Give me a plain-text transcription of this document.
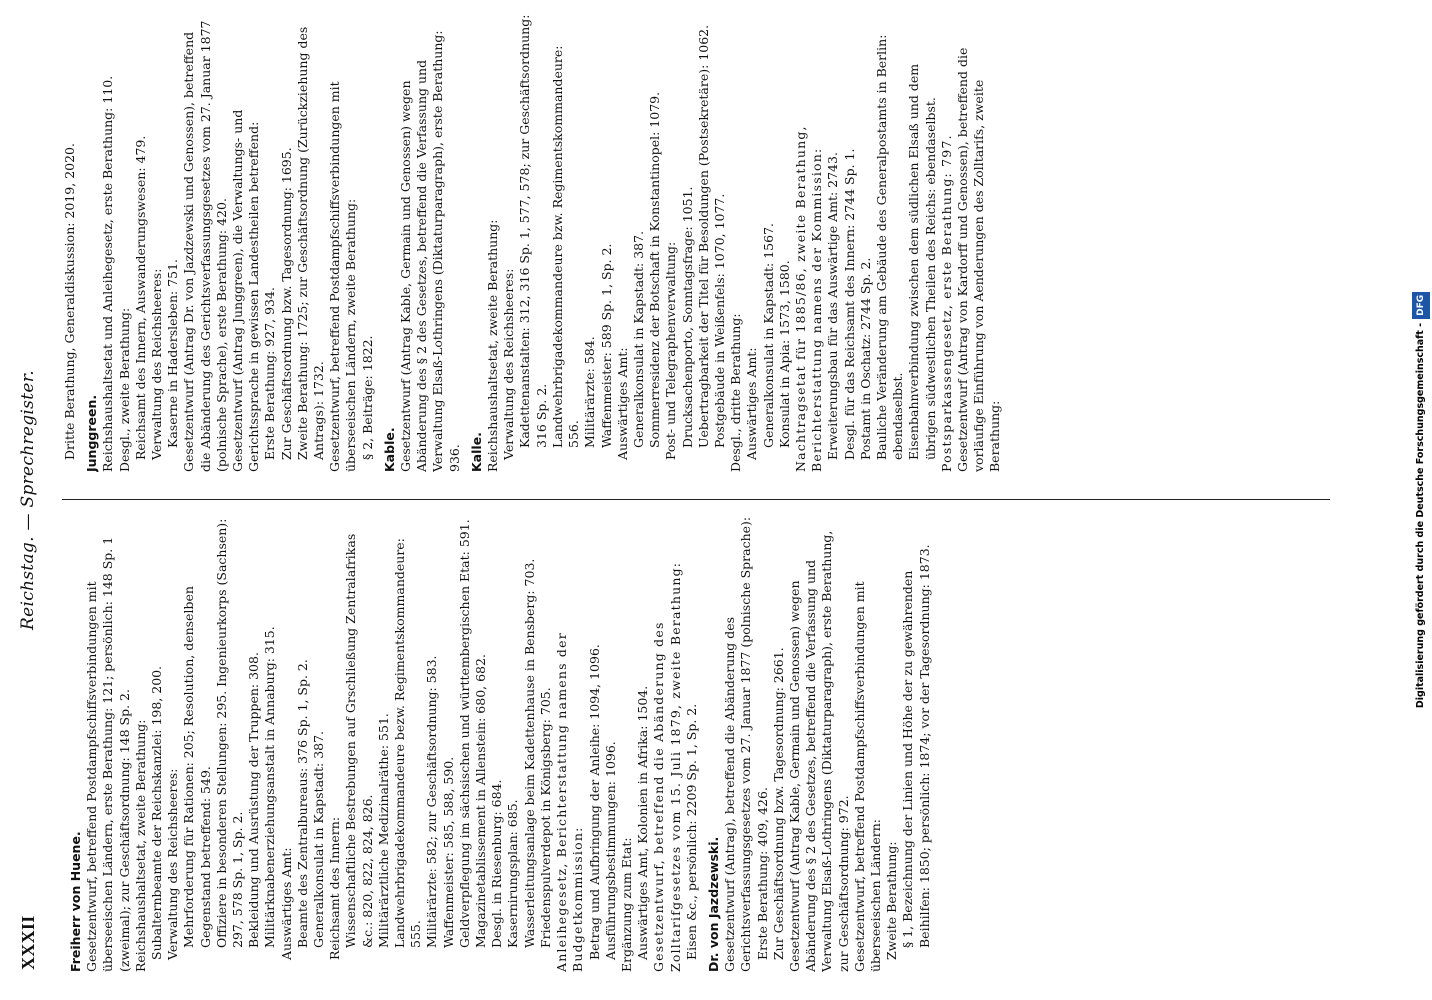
XXXII
Reichstag. — Sprechregister.

Freiherr von Huene. Gesetzentwurf, betreffend Postdampfschiffsverbindungen mit überseeischen Ländern, erste Berathung: 121; persönlich: 148 Sp. 1 (zweimal); zur Geschäftsordnung: 148 Sp. 2. Reichshaushaltsetat, zweite Berathung: Subalternbeamte der Reichskanzlei: 198, 200. Verwaltung des Reichsheeres: Mehrforderung für Rationen: 205; Resolution, denselben Gegenstand betreffend: 549. Offiziere in besonderen Stellungen: 295. Ingenieurkorps (Sachsen): 297, 578 Sp. 1, Sp. 2. Bekleidung und Ausrüstung der Truppen: 308. Militärknabenerziehungsanstalt in Annaburg: 315. Auswärtiges Amt: Beamte des Zentralbureaus: 376 Sp. 1, Sp. 2. Generalkonsulat in Kapstadt: 387. Reichsamt des Innern: Wissenschaftliche Bestrebungen auf Grschließung Zentralafrikas &c.: 820, 822, 824, 826. Militärärztliche Medizinalräthe: 551. Landwehrbrigadekommandeure bezw. Regimentskommandeure: 555. Militärärzte: 582; zur Geschäftsordnung: 583. Waffenmeister: 585, 588, 590. Geldverpflegung im sächsischen und württembergischen Etat: 591. Magazinetablissement in Allenstein: 680, 682. Desgl. in Riesenburg: 684. Kasernirungsplan: 685. Wasserleitungsanlage beim Kadettenhause in Bensberg: 703. Friedenspulverdepot in Königsberg: 705. Anleihegesetz, Berichterstattung namens der Budgetkommission: Betrag und Aufbringung der Anleihe: 1094, 1096. Ausführungsbestimmungen: 1096. Ergänzung zum Etat: Auswärtiges Amt, Kolonien in Afrika: 1504. Gesetzentwurf, betreffend die Abänderung des Zolltarifgesetzes vom 15. Juli 1879, zweite Berathung: Eisen &c., persönlich: 2209 Sp. 1, Sp. 2. Dr. von Jazdzewski. Gesetzentwurf (Antrag), betreffend die Abänderung des Gerichtsverfassungsgesetzes vom 27. Januar 1877 (polnische Sprache): Erste Berathung: 409, 426. Zur Geschäftsordnung bzw. Tagesordnung: 2661. Gesetzentwurf (Antrag Kable, Germain und Genossen) wegen Abänderung des § 2 des Gesetzes, betreffend die Verfassung und Verwaltung Elsaß-Lothringens (Diktaturparagraph), erste Berathung, zur Geschäftsordnung: 972. Gesetzentwurf, betreffend Postdampfschiffsverbindungen mit überseeischen Ländern: Zweite Berathung: § 1, Bezeichnung der Linien und Höhe der zu gewährenden Beihilfen: 1850; persönlich: 1874; vor der Tagesordnung: 1873.

Dritte Berathung, Generaldiskussion: 2019, 2020. Junggreen. Reichshaushaltsetat und Anleihegesetz, erste Berathung: 110. Desgl., zweite Berathung: Reichsamt des Innern, Auswanderungswesen: 479. Verwaltung des Reichsheeres: Kaserne in Hadersleben: 751. Gesetzentwurf (Antrag Dr. von Jazdzewski und Genossen), betreffend die Abänderung des Gerichtsverfassungsgesetzes vom 27. Januar 1877 (polnische Sprache), erste Berathung: 420. Gesetzentwurf (Antrag Junggreen), die Verwaltungs- und Gerichtssprache in gewissen Landestheilen betreffend: Erste Berathung: 927, 934. Zur Geschäftsordnung bzw. Tagesordnung: 1695. Zweite Berathung: 1725; zur Geschäftsordnung (Zurückziehung des Antrags): 1732. Gesetzentwurf, betreffend Postdampfschiffsverbindungen mit überseeischen Ländern, zweite Berathung: § 2, Beiträge: 1822. Kable. Gesetzentwurf (Antrag Kable, Germain und Genossen) wegen Abänderung des § 2 des Gesetzes, betreffend die Verfassung und Verwaltung Elsaß-Lothringens (Diktaturparagraph), erste Berathung: 936. Kalle. Reichshaushaltsetat, zweite Berathung: Verwaltung des Reichsheeres: Kadettenanstalten: 312, 316 Sp. 1, 577, 578; zur Geschäftsordnung: 316 Sp. 2. Landwehrbrigadekommandeure bzw. Regimentskommandeure: 556. Militärärzte: 584. Waffenmeister: 589 Sp. 1, Sp. 2. Auswärtiges Amt: Generalkonsulat in Kapstadt: 387. Sommerresidenz der Botschaft in Konstantinopel: 1079. Post- und Telegraphenverwaltung: Drucksachenporto, Sonntagsfrage: 1051. Uebertragbarkeit der Titel für Besoldungen (Postsekretäre): 1062. Postgebäude in Weißenfels: 1070, 1077. Desgl., dritte Berathung: Auswärtiges Amt: Generalkonsulat in Kapstadt: 1567. Konsulat in Apia: 1573, 1580. Nachtragsetat für 1885/86, zweite Berathung, Berichterstattung namens der Kommission: Erweiterungsbau für das Auswärtige Amt: 2743. Desgl. für das Reichsamt des Innern: 2744 Sp. 1. Postamt in Oschatz: 2744 Sp. 2. Bauliche Veränderung am Gebäude des Generalpostamts in Berlin: ebendaselbst. Eisenbahnverbindung zwischen dem südlichen Elsaß und dem übrigen südwestlichen Theilen des Reichs: ebendaselbst. Postsparkassengesetz, erste Berathung: 797. Gesetzentwurf (Antrag von Kardorff und Genossen), betreffend die vorläufige Einführung von Aenderungen des Zolltarifs, zweite Berathung:	Digitalisierung gefördert durch die Deutsche Forschungsgemeinschaft -DFG
